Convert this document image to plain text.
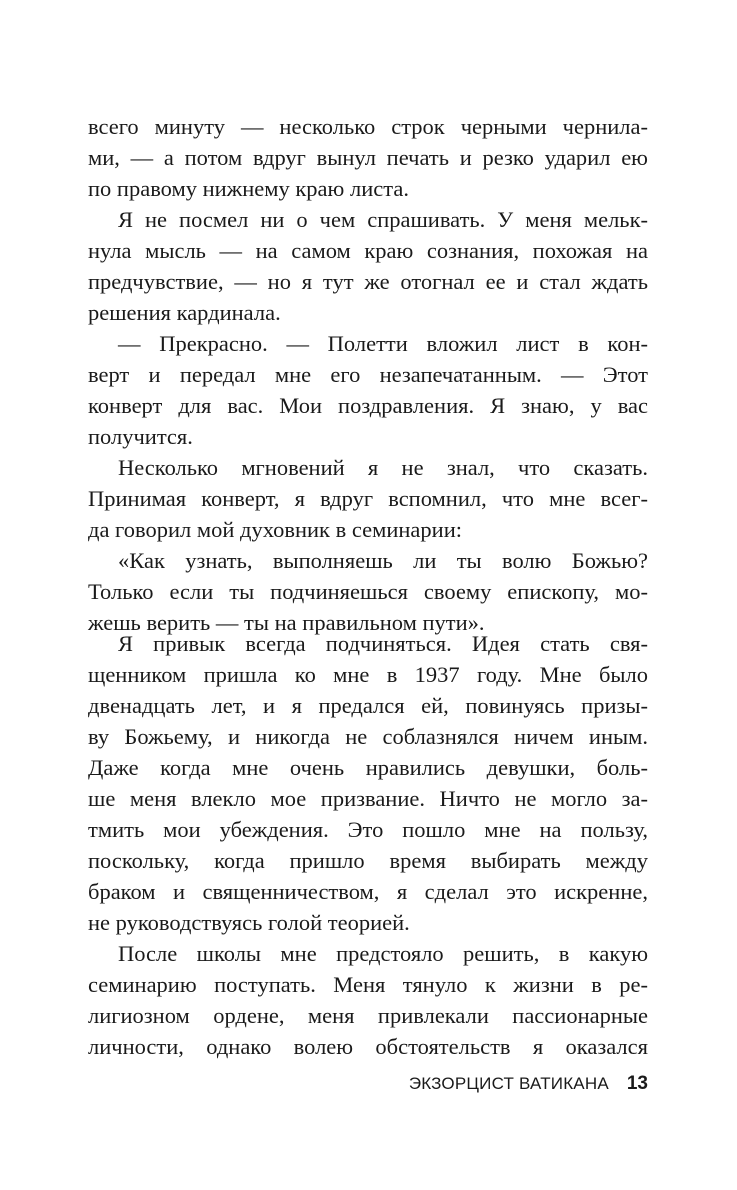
всего минуту — несколько строк черными чернила-
ми, — а потом вдруг вынул печать и резко ударил ею
по правому нижнему краю листа.
Я не посмел ни о чем спрашивать. У меня мельк-
нула мысль — на самом краю сознания, похожая на
предчувствие, — но я тут же отогнал ее и стал ждать
решения кардинала.
— Прекрасно. — Полетти вложил лист в кон-
верт и передал мне его незапечатанным. — Этот
конверт для вас. Мои поздравления. Я знаю, у вас
получится.
Несколько мгновений я не знал, что сказать.
Принимая конверт, я вдруг вспомнил, что мне всег-
да говорил мой духовник в семинарии:
«Как узнать, выполняешь ли ты волю Божью?
Только если ты подчиняешься своему епископу, мо-
жешь верить — ты на правильном пути».
Я привык всегда подчиняться. Идея стать свя-
щенником пришла ко мне в 1937 году. Мне было
двенадцать лет, и я предался ей, повинуясь призы-
ву Божьему, и никогда не соблазнялся ничем иным.
Даже когда мне очень нравились девушки, боль-
ше меня влекло мое призвание. Ничто не могло за-
тмить мои убеждения. Это пошло мне на пользу,
поскольку, когда пришло время выбирать между
браком и священничеством, я сделал это искренне,
не руководствуясь голой теорией.
После школы мне предстояло решить, в какую
семинарию поступать. Меня тянуло к жизни в ре-
лигиозном ордене, меня привлекали пассионарные
личности, однако волею обстоятельств я оказался
ЭКЗОРЦИСТ ВАТИКАНА 13
